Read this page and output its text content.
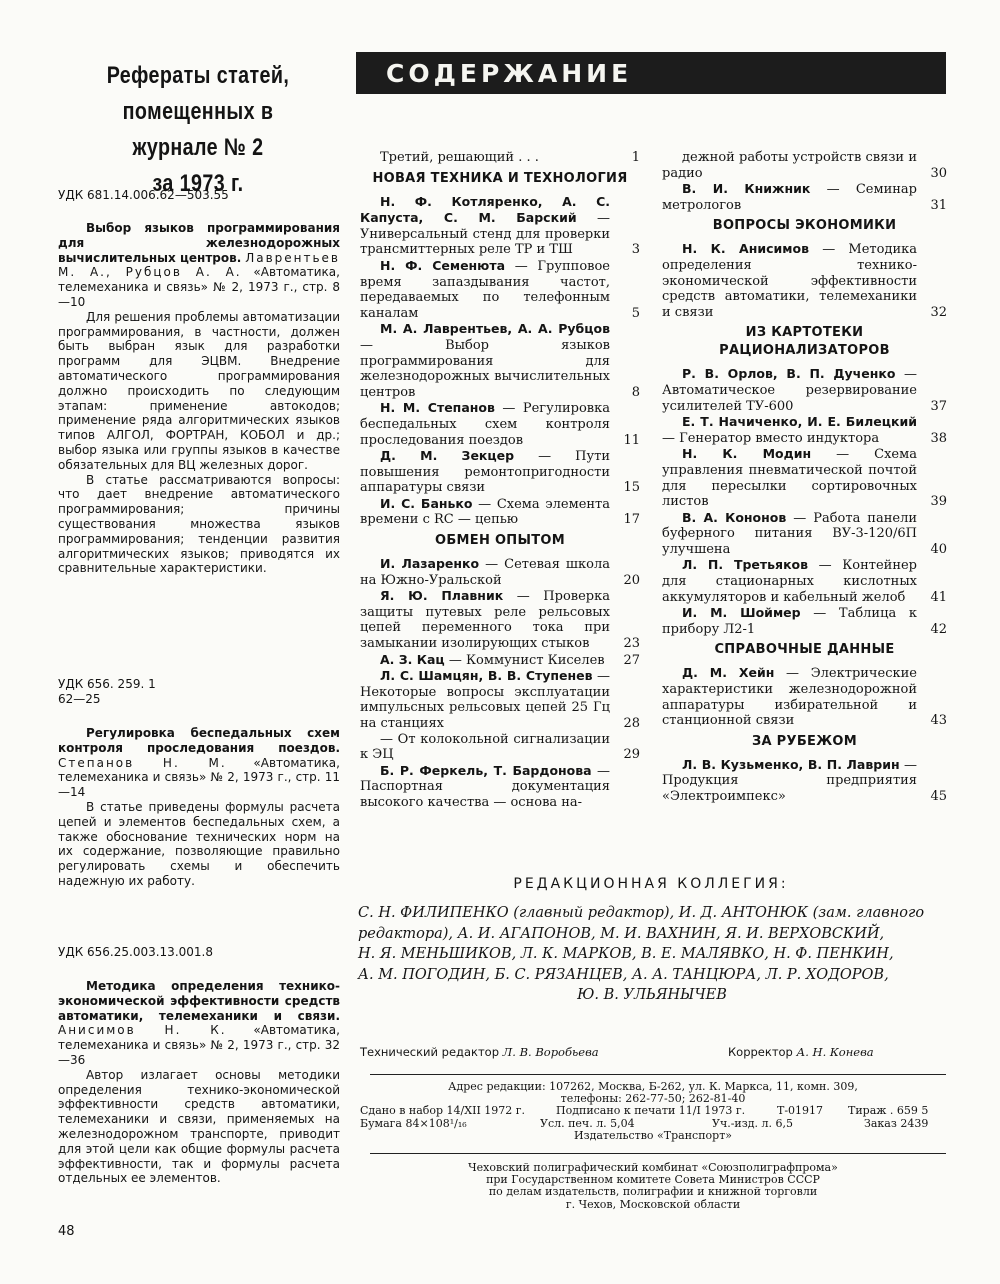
Рефераты статей,
помещенных в журнале № 2
за 1973 г.
УДК 681.14.006.62—503.55

Выбор языков программирования для железнодорожных вычислительных центров. Лаврентьев М. А., Рубцов А. А. «Автоматика, телемеханика и связь» № 2, 1973 г., стр. 8—10

Для решения проблемы автоматизации программирования, в частности, должен быть выбран язык для разработки программ для ЭЦВМ. Внедрение автоматического программирования должно происходить по следующим этапам: применение автокодов; применение ряда алгоритмических языков типов АЛГОЛ, ФОРТРАН, КОБОЛ и др.; выбор языка или группы языков в качестве обязательных для ВЦ железных дорог.

В статье рассматриваются вопросы: что дает внедрение автоматического программирования; причины существования множества языков программирования; тенденции развития алгоритмических языков; приводятся их сравнительные характеристики.

УДК 656. 259. 1
62—25

Регулировка беспедальных схем контроля проследования поездов. Степанов Н. М. «Автоматика, телемеханика и связь» № 2, 1973 г., стр. 11—14

В статье приведены формулы расчета цепей и элементов беспедальных схем, а также обоснование технических норм на их содержание, позволяющие правильно регулировать схемы и обеспечить надежную их работу.

УДК 656.25.003.13.001.8

Методика определения технико-экономической эффективности средств автоматики, телемеханики и связи. Анисимов Н. К. «Автоматика, телемеханика и связь» № 2, 1973 г., стр. 32—36

Автор излагает основы методики определения технико-экономической эффективности средств автоматики, телемеханики и связи, применяемых на железнодорожном транспорте, приводит для этой цели как общие формулы расчета эффективности, так и формулы расчета отдельных ее элементов.

48
СОДЕРЖАНИЕ
Третий, решающий . . .	1
НОВАЯ ТЕХНИКА И ТЕХНОЛОГИЯ
Н. Ф. Котляренко, А. С. Капуста, С. М. Барский — Универсальный стенд для проверки трансмиттерных реле ТР и ТШ	3
Н. Ф. Семенюта — Групповое время запаздывания частот, передаваемых по телефонным каналам	5
М. А. Лаврентьев, А. А. Рубцов — Выбор языков программирования для железнодорожных вычислительных центров	8
Н. М. Степанов — Регулировка беспедальных схем контроля проследования поездов	11
Д. М. Зекцер — Пути повышения ремонтопригодности аппаратуры связи	15
И. С. Банько — Схема элемента времени с RC — цепью	17
ОБМЕН ОПЫТОМ
И. Лазаренко — Сетевая школа на Южно-Уральской	20
Я. Ю. Плавник — Проверка защиты путевых реле рельсовых цепей переменного тока при замыкании изолирующих стыков	23
А. З. Кац — Коммунист Киселев	27
Л. С. Шамцян, В. В. Ступенев — Некоторые вопросы эксплуатации импульсных рельсовых цепей 25 Гц на станциях	28
— От колокольной сигнализации к ЭЦ	29
Б. Р. Феркель, Т. Бардонова — Паспортная документация высокого качества — основа на-
дежной работы устройств связи и радио	30
В. И. Книжник — Семинар метрологов	31
ВОПРОСЫ ЭКОНОМИКИ
Н. К. Анисимов — Методика определения технико-экономической эффективности средств автоматики, телемеханики и связи	32
ИЗ КАРТОТЕКИ РАЦИОНАЛИЗАТОРОВ
Р. В. Орлов, В. П. Дученко — Автоматическое резервирование усилителей ТУ-600	37
Е. Т. Начиченко, И. Е. Билецкий — Генератор вместо индуктора	38
Н. К. Модин — Схема управления пневматической почтой для пересылки сортировочных листов	39
В. А. Кононов — Работа панели буферного питания ВУ-3-120/6П улучшена	40
Л. П. Третьяков — Контейнер для стационарных кислотных аккумуляторов и кабельный желоб	41
И. М. Шоймер — Таблица к прибору Л2-1	42
СПРАВОЧНЫЕ ДАННЫЕ
Д. М. Хейн — Электрические характеристики железнодорожной аппаратуры избирательной и станционной связи	43
ЗА РУБЕЖОМ
Л. В. Кузьменко, В. П. Лаврин — Продукция предприятия «Электроимпекс»	45
РЕДАКЦИОННАЯ КОЛЛЕГИЯ:
С. Н. ФИЛИПЕНКО (главный редактор), И. Д. АНТОНЮК (зам. главного
редактора), А. И. АГАПОНОВ, М. И. ВАХНИН, Я. И. ВЕРХОВСКИЙ,
Н. Я. МЕНЬШИКОВ, Л. К. МАРКОВ, В. Е. МАЛЯВКО, Н. Ф. ПЕНКИН,
А. М. ПОГОДИН, Б. С. РЯЗАНЦЕВ, А. А. ТАНЦЮРА, Л. Р. ХОДОРОВ,
Ю. В. УЛЬЯНЫЧЕВ
Технический редактор Л. В. Воробьева	Корректор А. Н. Конева
Адрес редакции: 107262, Москва, Б-262, ул. К. Маркса, 11, комн. 309,
телефоны: 262-77-50; 262-81-40
Сдано в набор 14/XII 1972 г.	Подписано к печати 11/I 1973 г.	Т-01917 Тираж . 659 5
Бумага 84×108¹/₁₆	Усл. печ. л. 5,04	Уч.-изд. л. 6,5	Заказ 2439
Издательство «Транспорт»
Чеховский полиграфический комбинат «Союзполиграфпрома»
при Государственном комитете Совета Министров СССР
по делам издательств, полиграфии и книжной торговли
г. Чехов, Московской области
